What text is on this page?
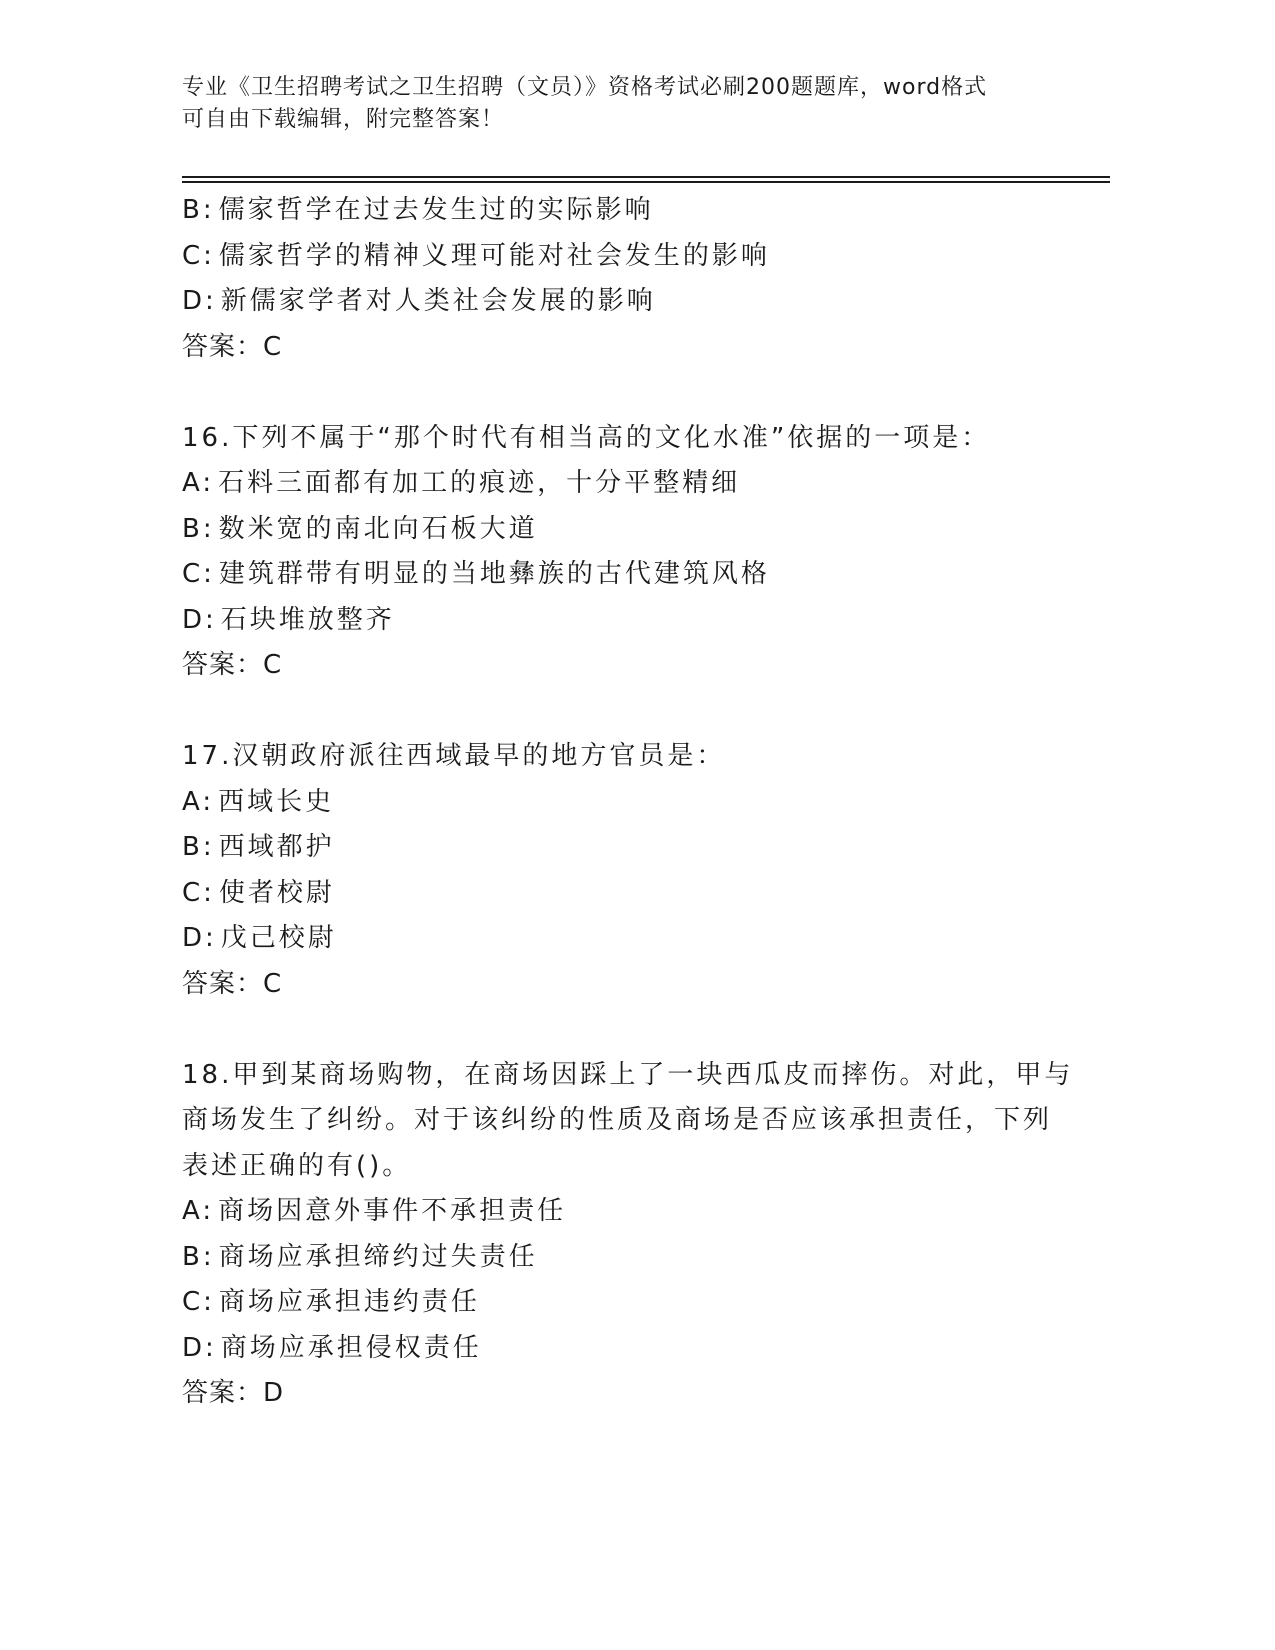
专业《卫生招聘考试之卫生招聘（文员）》资格考试必刷200题题库，word格式
可自由下载编辑，附完整答案！
B: 儒家哲学在过去发生过的实际影响
C: 儒家哲学的精神义理可能对社会发生的影响
D: 新儒家学者对人类社会发展的影响
答案：C
16.下列不属于“那个时代有相当高的文化水准”依据的一项是：
A: 石料三面都有加工的痕迹，十分平整精细
B: 数米宽的南北向石板大道
C: 建筑群带有明显的当地彝族的古代建筑风格
D: 石块堆放整齐
答案：C
17.汉朝政府派往西域最早的地方官员是：
A: 西域长史
B: 西域都护
C: 使者校尉
D: 戊己校尉
答案：C
18.甲到某商场购物，在商场因踩上了一块西瓜皮而摔伤。对此，甲与
商场发生了纠纷。对于该纠纷的性质及商场是否应该承担责任，下列
表述正确的有()。
A: 商场因意外事件不承担责任
B: 商场应承担缔约过失责任
C: 商场应承担违约责任
D: 商场应承担侵权责任
答案：D
